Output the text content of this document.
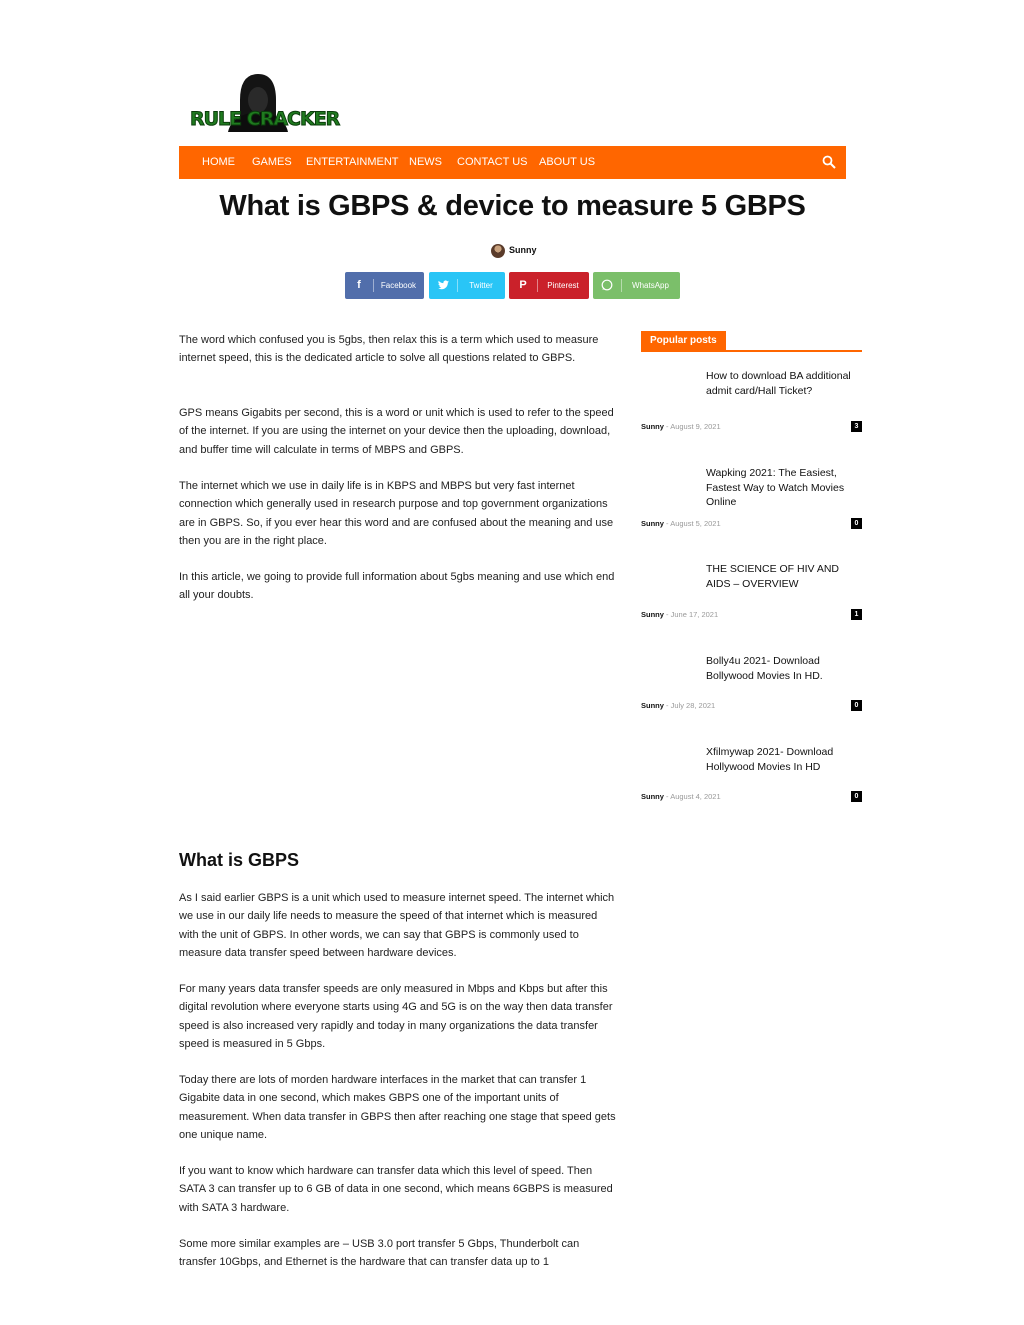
RULE CRACKER
HOME GAMES ENTERTAINMENT NEWS CONTACT US ABOUT US
What is GBPS & device to measure 5 GBPS
Sunny
f	Facebook	Twitter	P	Pinterest	WhatsApp

The word which confused you is 5gbs, then relax this is a term which used to measure internet speed, this is the dedicated article to solve all questions related to GBPS.

GPS means Gigabits per second, this is a word or unit which is used to refer to the speed of the internet. If you are using the internet on your device then the uploading, download, and buffer time will calculate in terms of MBPS and GBPS.

The internet which we use in daily life is in KBPS and MBPS but very fast internet connection which generally used in research purpose and top government organizations are in GBPS. So, if you ever hear this word and are confused about the meaning and use then you are in the right place.

In this article, we going to provide full information about 5gbs meaning and use which end all your doubts.

What is GBPS

As I said earlier GBPS is a unit which used to measure internet speed. The internet which we use in our daily life needs to measure the speed of that internet which is measured with the unit of GBPS. In other words, we can say that GBPS is commonly used to measure data transfer speed between hardware devices.

For many years data transfer speeds are only measured in Mbps and Kbps but after this digital revolution where everyone starts using 4G and 5G is on the way then data transfer speed is also increased very rapidly and today in many organizations the data transfer speed is measured in 5 Gbps.

Today there are lots of morden hardware interfaces in the market that can transfer 1 Gigabite data in one second, which makes GBPS one of the important units of measurement. When data transfer in GBPS then after reaching one stage that speed gets one unique name.

If you want to know which hardware can transfer data which this level of speed. Then SATA 3 can transfer up to 6 GB of data in one second, which means 6GBPS is measured with SATA 3 hardware.

Some more similar examples are – USB 3.0 port transfer 5 Gbps, Thunderbolt can transfer 10Gbps, and Ethernet is the hardware that can transfer data up to 1

Popular posts
How to download BA additional admit card/Hall Ticket?
Sunny - August 9, 2021	3
Wapking 2021: The Easiest, Fastest Way to Watch Movies Online
Sunny - August 5, 2021	0
THE SCIENCE OF HIV AND AIDS – OVERVIEW
Sunny - June 17, 2021	1
Bolly4u 2021- Download Bollywood Movies In HD.
Sunny - July 28, 2021	0
Xfilmywap 2021- Download Hollywood Movies In HD
Sunny - August 4, 2021	0
